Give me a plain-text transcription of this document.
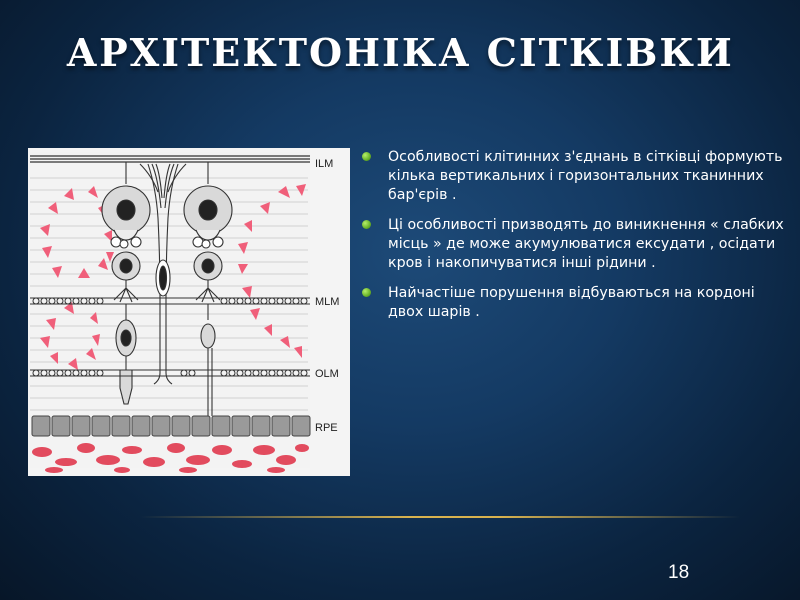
АРХІТЕКТОНІКА СІТКІВКИ
ILM
MLM
OLM
RPE
Особливості клітинних з'єднань в сітківці формують кілька вертикальних і горизонтальних тканинних бар'єрів .
Ці особливості призводять до виникнення « слабких місць » де може акумулюватися ексудати , осідати кров і накопичуватися інші рідини .
Найчастіше порушення відбуваються на кордоні двох шарів .
18
